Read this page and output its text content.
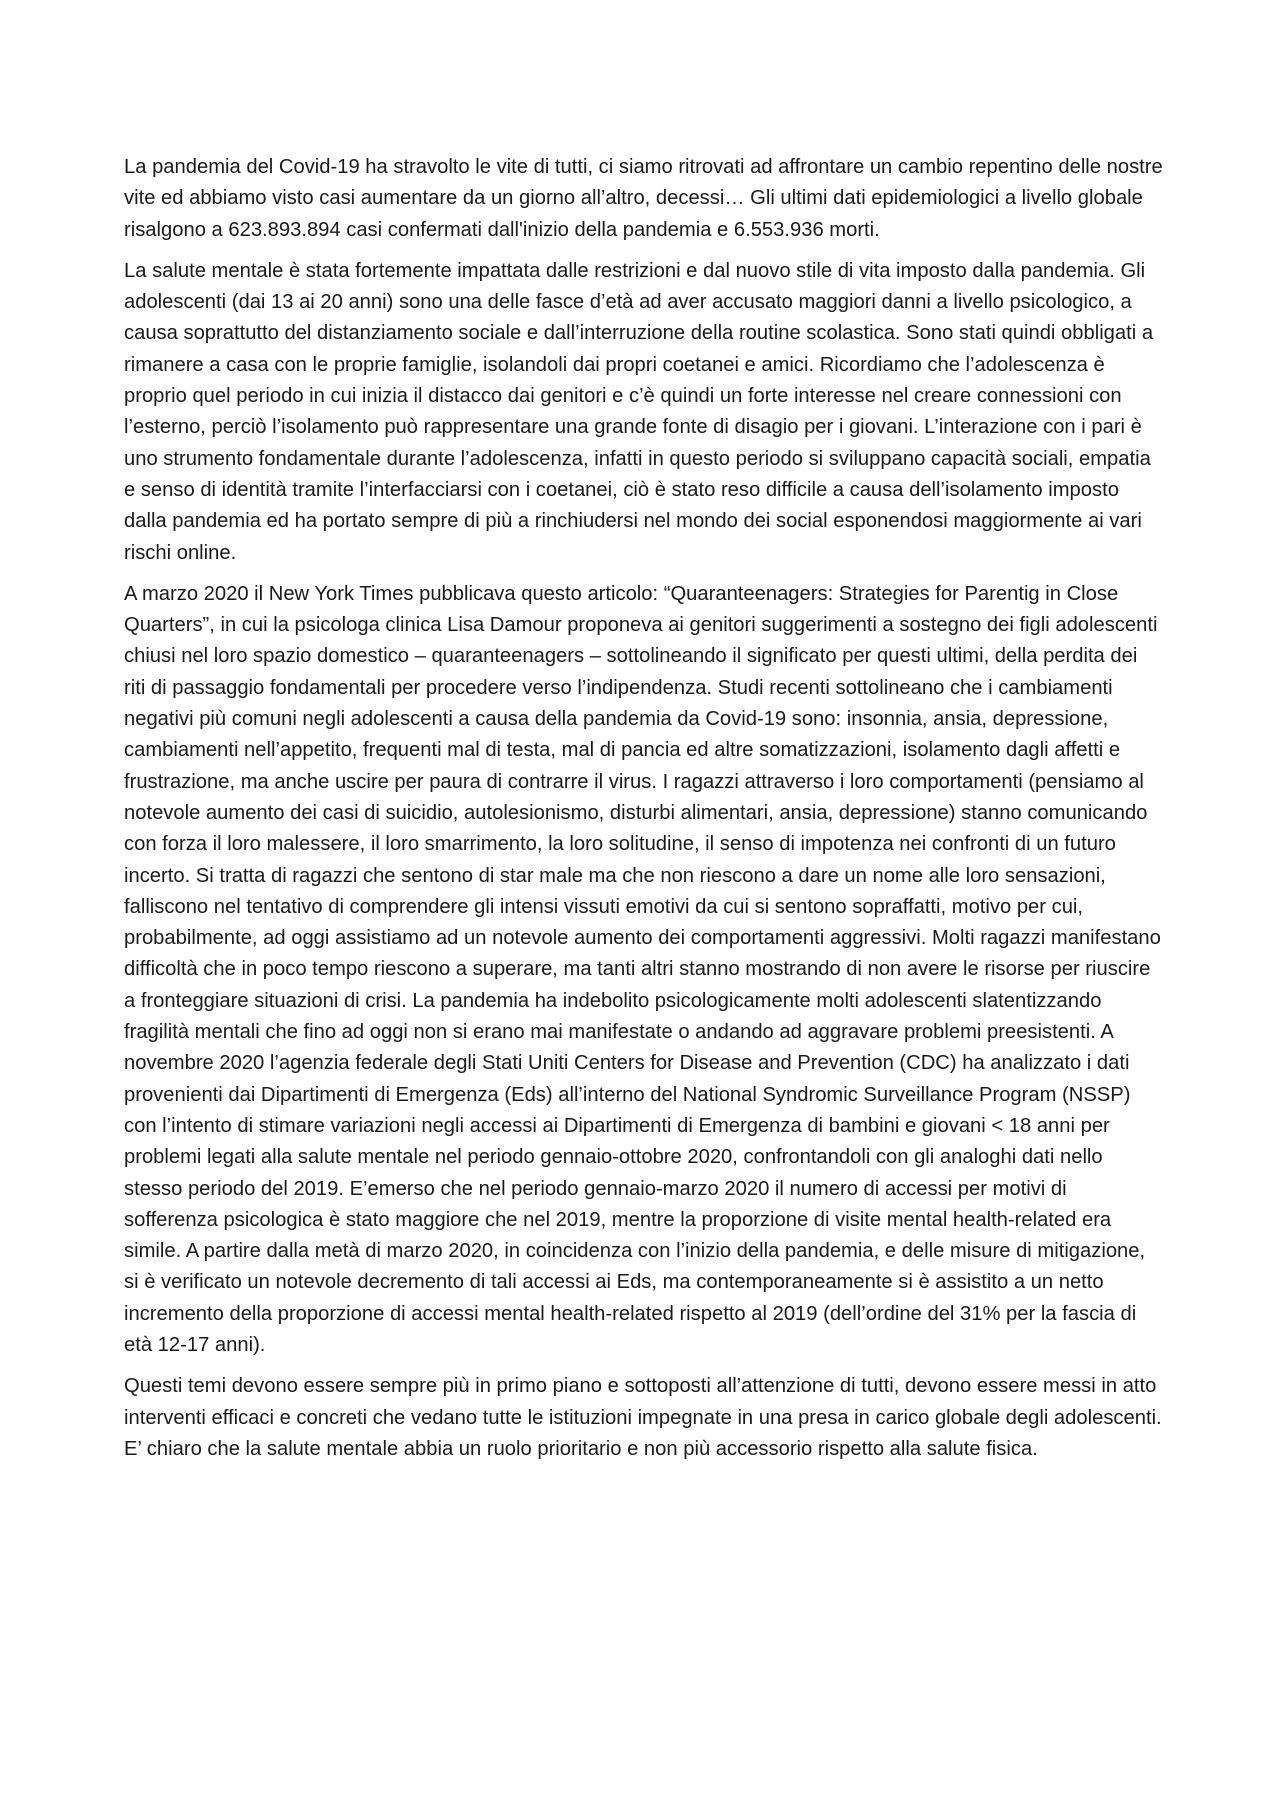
La pandemia del Covid-19 ha stravolto le vite di tutti, ci siamo ritrovati ad affrontare un cambio repentino delle nostre vite ed abbiamo visto casi aumentare da un giorno all’altro, decessi… Gli ultimi dati epidemiologici a livello globale risalgono a 623.893.894 casi confermati dall'inizio della pandemia e 6.553.936 morti.

La salute mentale è stata fortemente impattata dalle restrizioni e dal nuovo stile di vita imposto dalla pandemia. Gli adolescenti (dai 13 ai 20 anni) sono una delle fasce d’età ad aver accusato maggiori danni a livello psicologico, a causa soprattutto del distanziamento sociale e dall’interruzione della routine scolastica. Sono stati quindi obbligati a rimanere a casa con le proprie famiglie, isolandoli dai propri coetanei e amici. Ricordiamo che l’adolescenza è proprio quel periodo in cui inizia il distacco dai genitori e c’è quindi un forte interesse nel creare connessioni con l’esterno, perciò l’isolamento può rappresentare una grande fonte di disagio per i giovani. L’interazione con i pari è uno strumento fondamentale durante l’adolescenza, infatti in questo periodo si sviluppano capacità sociali, empatia e senso di identità tramite l’interfacciarsi con i coetanei, ciò è stato reso difficile a causa dell’isolamento imposto dalla pandemia ed ha portato sempre di più a rinchiudersi nel mondo dei social esponendosi maggiormente ai vari rischi online.

A marzo 2020 il New York Times pubblicava questo articolo: “Quaranteenagers: Strategies for Parentig in Close Quarters”, in cui la psicologa clinica Lisa Damour proponeva ai genitori suggerimenti a sostegno dei figli adolescenti chiusi nel loro spazio domestico – quaranteenagers – sottolineando il significato per questi ultimi, della perdita dei riti di passaggio fondamentali per procedere verso l’indipendenza. Studi recenti sottolineano che i cambiamenti negativi più comuni negli adolescenti a causa della pandemia da Covid-19 sono: insonnia, ansia, depressione, cambiamenti nell’appetito, frequenti mal di testa, mal di pancia ed altre somatizzazioni, isolamento dagli affetti e frustrazione, ma anche uscire per paura di contrarre il virus. I ragazzi attraverso i loro comportamenti (pensiamo al notevole aumento dei casi di suicidio, autolesionismo, disturbi alimentari, ansia, depressione) stanno comunicando con forza il loro malessere, il loro smarrimento, la loro solitudine, il senso di impotenza nei confronti di un futuro incerto. Si tratta di ragazzi che sentono di star male ma che non riescono a dare un nome alle loro sensazioni, falliscono nel tentativo di comprendere gli intensi vissuti emotivi da cui si sentono sopraffatti, motivo per cui, probabilmente, ad oggi assistiamo ad un notevole aumento dei comportamenti aggressivi. Molti ragazzi manifestano difficoltà che in poco tempo riescono a superare, ma tanti altri stanno mostrando di non avere le risorse per riuscire a fronteggiare situazioni di crisi. La pandemia ha indebolito psicologicamente molti adolescenti slatentizzando fragilità mentali che fino ad oggi non si erano mai manifestate o andando ad aggravare problemi preesistenti. A novembre 2020 l’agenzia federale degli Stati Uniti Centers for Disease and Prevention (CDC) ha analizzato i dati provenienti dai Dipartimenti di Emergenza (Eds) all’interno del National Syndromic Surveillance Program (NSSP) con l’intento di stimare variazioni negli accessi ai Dipartimenti di Emergenza di bambini e giovani < 18 anni per problemi legati alla salute mentale nel periodo gennaio-ottobre 2020, confrontandoli con gli analoghi dati nello stesso periodo del 2019. E’emerso che nel periodo gennaio-marzo 2020 il numero di accessi per motivi di sofferenza psicologica è stato maggiore che nel 2019, mentre la proporzione di visite mental health-related era simile. A partire dalla metà di marzo 2020, in coincidenza con l’inizio della pandemia, e delle misure di mitigazione, si è verificato un notevole decremento di tali accessi ai Eds, ma contemporaneamente si è assistito a un netto incremento della proporzione di accessi mental health-related rispetto al 2019 (dell’ordine del 31% per la fascia di età 12-17 anni).

Questi temi devono essere sempre più in primo piano e sottoposti all’attenzione di tutti, devono essere messi in atto interventi efficaci e concreti che vedano tutte le istituzioni impegnate in una presa in carico globale degli adolescenti. E’ chiaro che la salute mentale abbia un ruolo prioritario e non più accessorio rispetto alla salute fisica.
